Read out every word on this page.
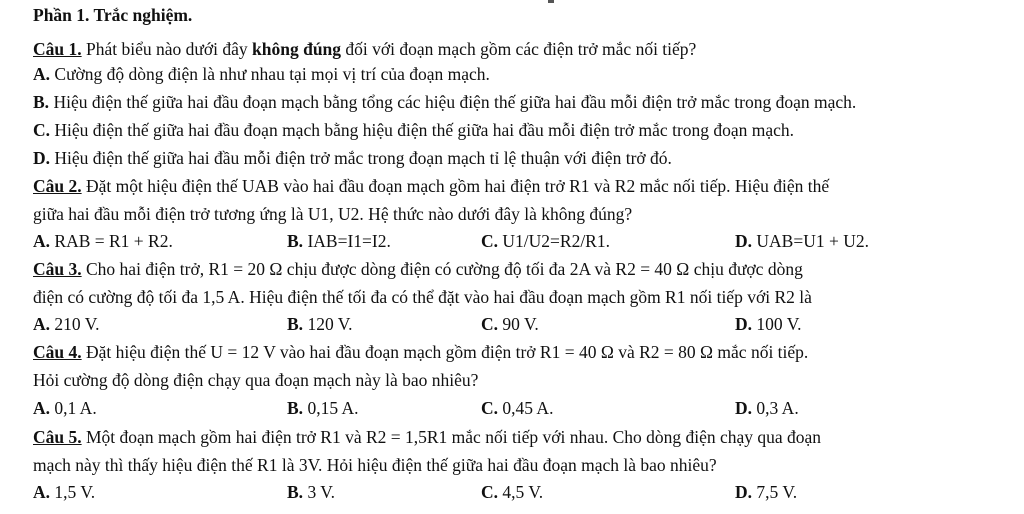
Phần 1. Trắc nghiệm.
Câu 1. Phát biểu nào dưới đây không đúng đối với đoạn mạch gồm các điện trở mắc nối tiếp?
A. Cường độ dòng điện là như nhau tại mọi vị trí của đoạn mạch.
B. Hiệu điện thế giữa hai đầu đoạn mạch bằng tổng các hiệu điện thế giữa hai đầu mỗi điện trở mắc trong đoạn mạch.
C. Hiệu điện thế giữa hai đầu đoạn mạch bằng hiệu điện thế giữa hai đầu mỗi điện trở mắc trong đoạn mạch.
D. Hiệu điện thế giữa hai đầu mỗi điện trở mắc trong đoạn mạch tỉ lệ thuận với điện trở đó.
Câu 2. Đặt một hiệu điện thế UAB vào hai đầu đoạn mạch gồm hai điện trở R1 và R2 mắc nối tiếp. Hiệu điện thế
giữa hai đầu mỗi điện trở tương ứng là U1, U2. Hệ thức nào dưới đây là không đúng?
A. RAB = R1 + R2.	B. IAB=I1=I2.	C. U1/U2=R2/R1.	D. UAB=U1 + U2.
Câu 3. Cho hai điện trở, R1 = 20 Ω chịu được dòng điện có cường độ tối đa 2A và R2 = 40 Ω chịu được dòng
điện có cường độ tối đa 1,5 A. Hiệu điện thế tối đa có thể đặt vào hai đầu đoạn mạch gồm R1 nối tiếp với R2 là
A. 210 V.	B. 120 V.	C. 90 V.	D. 100 V.
Câu 4. Đặt hiệu điện thế U = 12 V vào hai đầu đoạn mạch gồm điện trở R1 = 40 Ω và R2 = 80 Ω mắc nối tiếp.
Hỏi cường độ dòng điện chạy qua đoạn mạch này là bao nhiêu?
A. 0,1 A.	B. 0,15 A.	C. 0,45 A.	D. 0,3 A.
Câu 5. Một đoạn mạch gồm hai điện trở R1 và R2 = 1,5R1 mắc nối tiếp với nhau. Cho dòng điện chạy qua đoạn
mạch này thì thấy hiệu điện thế R1 là 3V. Hỏi hiệu điện thế giữa hai đầu đoạn mạch là bao nhiêu?
A. 1,5 V.	B. 3 V.	C. 4,5 V.	D. 7,5 V.
